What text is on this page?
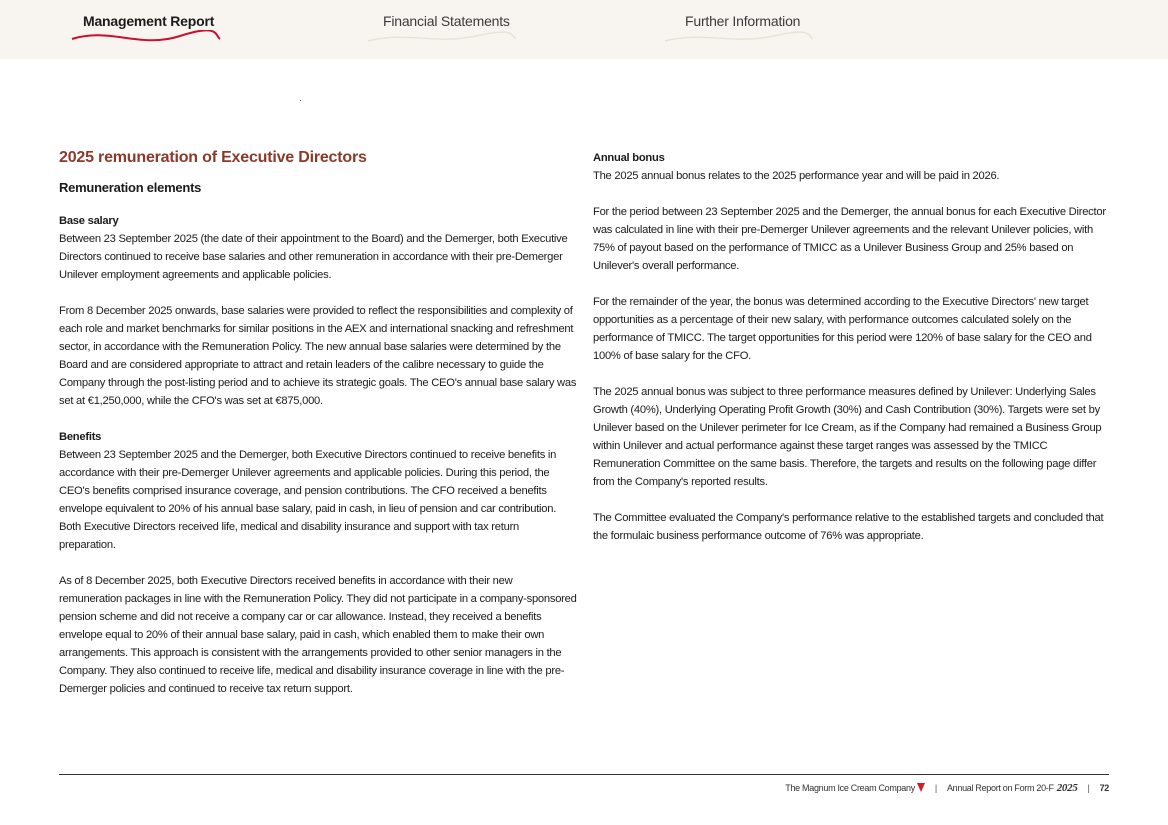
Management Report	Financial Statements	Further Information
2025 remuneration of Executive Directors
Remuneration elements
Base salary

Between 23 September 2025 (the date of their appointment to the Board) and the Demerger, both Executive Directors continued to receive base salaries and other remuneration in accordance with their pre-Demerger Unilever employment agreements and applicable policies.

From 8 December 2025 onwards, base salaries were provided to reflect the responsibilities and complexity of each role and market benchmarks for similar positions in the AEX and international snacking and refreshment sector, in accordance with the Remuneration Policy. The new annual base salaries were determined by the Board and are considered appropriate to attract and retain leaders of the calibre necessary to guide the Company through the post-listing period and to achieve its strategic goals. The CEO's annual base salary was set at €1,250,000, while the CFO's was set at €875,000.

Benefits

Between 23 September 2025 and the Demerger, both Executive Directors continued to receive benefits in accordance with their pre-Demerger Unilever agreements and applicable policies. During this period, the CEO's benefits comprised insurance coverage, and pension contributions. The CFO received a benefits envelope equivalent to 20% of his annual base salary, paid in cash, in lieu of pension and car contribution. Both Executive Directors received life, medical and disability insurance and support with tax return preparation.

As of 8 December 2025, both Executive Directors received benefits in accordance with their new remuneration packages in line with the Remuneration Policy. They did not participate in a company-sponsored pension scheme and did not receive a company car or car allowance. Instead, they received a benefits envelope equal to 20% of their annual base salary, paid in cash, which enabled them to make their own arrangements. This approach is consistent with the arrangements provided to other senior managers in the Company. They also continued to receive life, medical and disability insurance coverage in line with the pre-Demerger policies and continued to receive tax return support.

Annual bonus

The 2025 annual bonus relates to the 2025 performance year and will be paid in 2026.

For the period between 23 September 2025 and the Demerger, the annual bonus for each Executive Director was calculated in line with their pre-Demerger Unilever agreements and the relevant Unilever policies, with 75% of payout based on the performance of TMICC as a Unilever Business Group and 25% based on Unilever's overall performance.

For the remainder of the year, the bonus was determined according to the Executive Directors' new target opportunities as a percentage of their new salary, with performance outcomes calculated solely on the performance of TMICC. The target opportunities for this period were 120% of base salary for the CEO and 100% of base salary for the CFO.

The 2025 annual bonus was subject to three performance measures defined by Unilever: Underlying Sales Growth (40%), Underlying Operating Profit Growth (30%) and Cash Contribution (30%). Targets were set by Unilever based on the Unilever perimeter for Ice Cream, as if the Company had remained a Business Group within Unilever and actual performance against these target ranges was assessed by the TMICC Remuneration Committee on the same basis. Therefore, the targets and results on the following page differ from the Company's reported results.

The Committee evaluated the Company's performance relative to the established targets and concluded that the formulaic business performance outcome of 76% was appropriate.

The Magnum Ice Cream Company | Annual Report on Form 20-F 2025 | 72
